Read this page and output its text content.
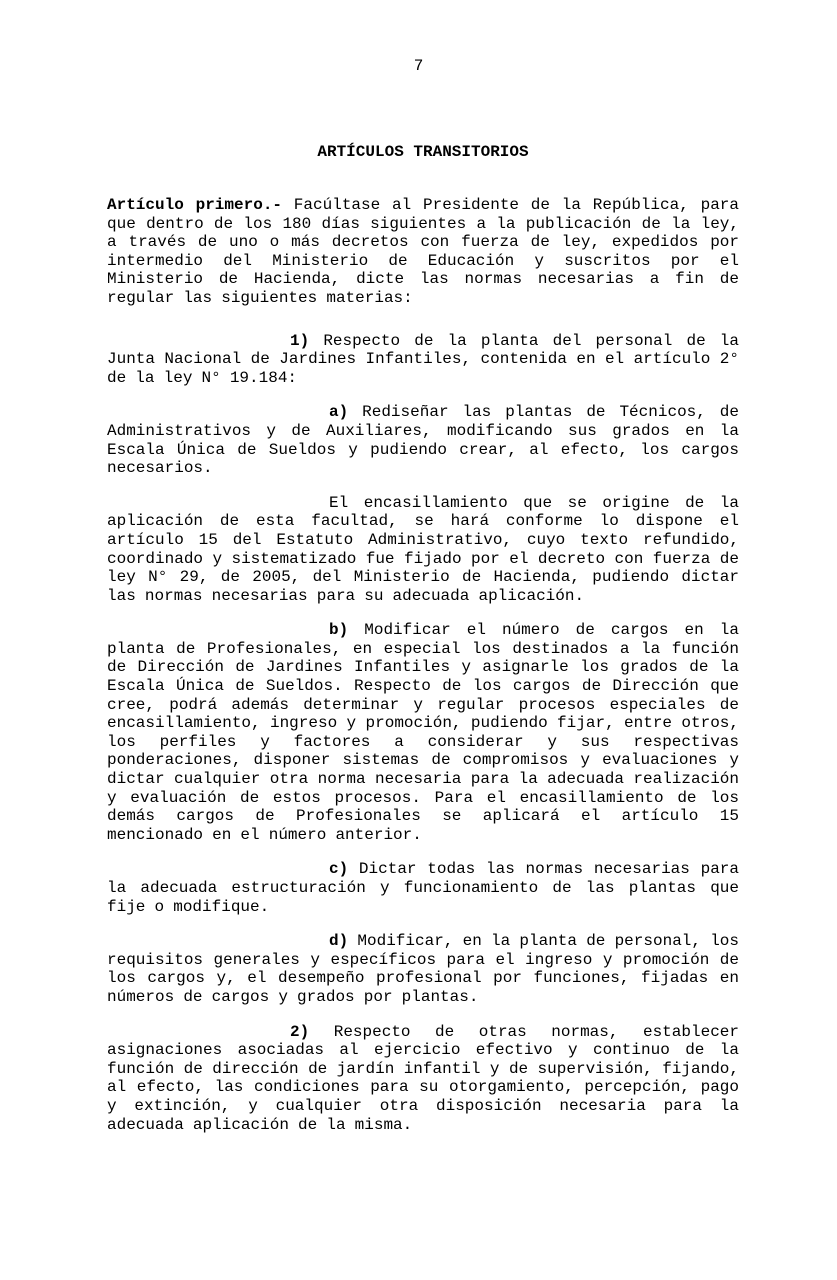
7
ARTÍCULOS TRANSITORIOS

Artículo primero.- Facúltase al Presidente de la República, para que dentro de los 180 días siguientes a la publicación de la ley, a través de uno o más decretos con fuerza de ley, expedidos por intermedio del Ministerio de Educación y suscritos por el Ministerio de Hacienda, dicte las normas necesarias a fin de regular las siguientes materias:

1) Respecto de la planta del personal de la Junta Nacional de Jardines Infantiles, contenida en el artículo 2° de la ley N° 19.184:

a) Rediseñar las plantas de Técnicos, de Administrativos y de Auxiliares, modificando sus grados en la Escala Única de Sueldos y pudiendo crear, al efecto, los cargos necesarios.

El encasillamiento que se origine de la aplicación de esta facultad, se hará conforme lo dispone el artículo 15 del Estatuto Administrativo, cuyo texto refundido, coordinado y sistematizado fue fijado por el decreto con fuerza de ley N° 29, de 2005, del Ministerio de Hacienda, pudiendo dictar las normas necesarias para su adecuada aplicación.

b) Modificar el número de cargos en la planta de Profesionales, en especial los destinados a la función de Dirección de Jardines Infantiles y asignarle los grados de la Escala Única de Sueldos. Respecto de los cargos de Dirección que cree, podrá además determinar y regular procesos especiales de encasillamiento, ingreso y promoción, pudiendo fijar, entre otros, los perfiles y factores a considerar y sus respectivas ponderaciones, disponer sistemas de compromisos y evaluaciones y dictar cualquier otra norma necesaria para la adecuada realización y evaluación de estos procesos. Para el encasillamiento de los demás cargos de Profesionales se aplicará el artículo 15 mencionado en el número anterior.

c) Dictar todas las normas necesarias para la adecuada estructuración y funcionamiento de las plantas que fije o modifique.

d) Modificar, en la planta de personal, los requisitos generales y específicos para el ingreso y promoción de los cargos y, el desempeño profesional por funciones, fijadas en números de cargos y grados por plantas.

2) Respecto de otras normas, establecer asignaciones asociadas al ejercicio efectivo y continuo de la función de dirección de jardín infantil y de supervisión, fijando, al efecto, las condiciones para su otorgamiento, percepción, pago y extinción, y cualquier otra disposición necesaria para la adecuada aplicación de la misma.
